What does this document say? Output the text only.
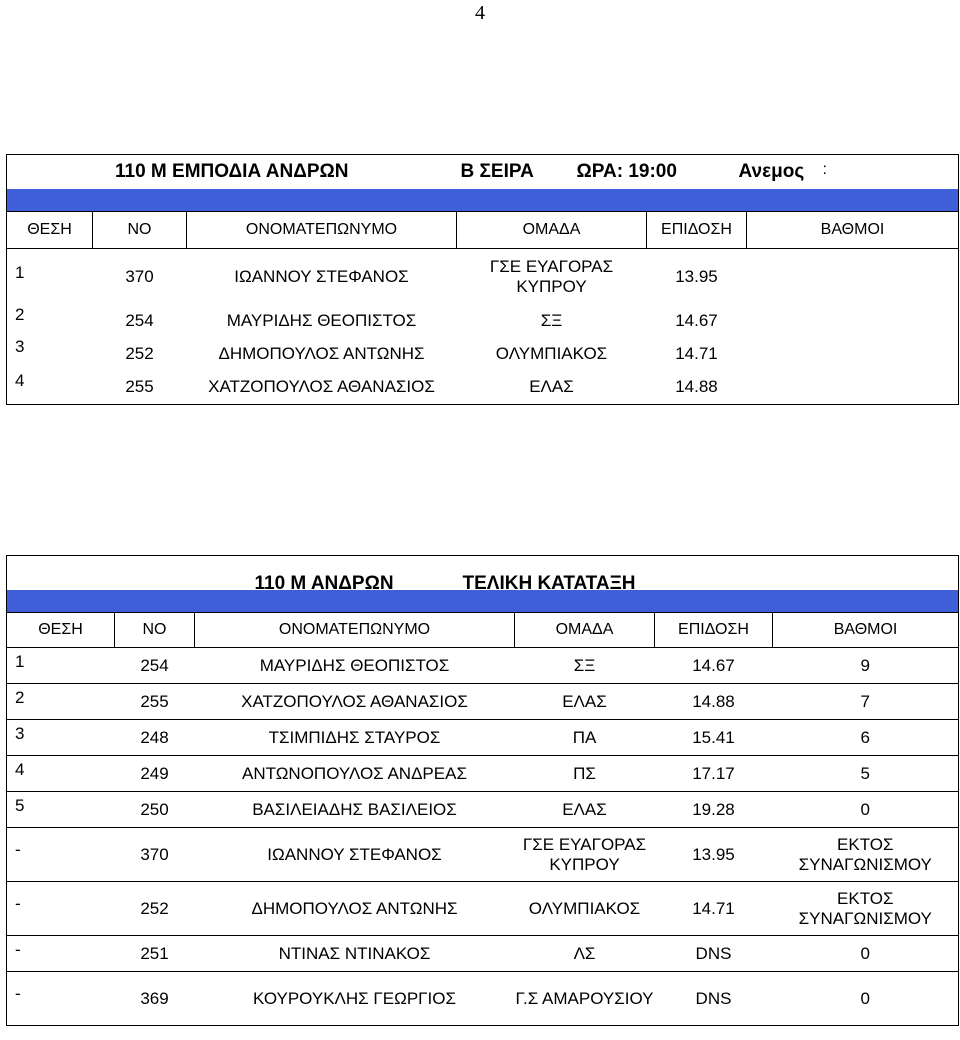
4
110 Μ ΕΜΠΟΔΙΑ ΑΝΔΡΩΝ Β ΣΕΙΡΑ ΩΡΑ: 19:00 Ανεμος :					

ΘΕΣΗ	ΝΟ	ΟΝΟΜΑΤΕΠΩΝΥΜΟ	ΟΜΑΔΑ	ΕΠΙΔΟΣΗ	ΒΑΘΜΟΙ
1	370	ΙΩΑΝΝΟΥ ΣΤΕΦΑΝΟΣ	ΓΣΕ ΕΥΑΓΟΡΑΣ ΚΥΠΡΟΥ	13.95	
2	254	ΜΑΥΡΙΔΗΣ ΘΕΟΠΙΣΤΟΣ	ΣΞ	14.67	
3	252	ΔΗΜΟΠΟΥΛΟΣ ΑΝΤΩΝΗΣ	ΟΛΥΜΠΙΑΚΟΣ	14.71	
4	255	ΧΑΤΖΟΠΟΥΛΟΣ ΑΘΑΝΑΣΙΟΣ	ΕΛΑΣ	14.88	
110 Μ ΑΝΔΡΩΝ ΤΕΛΙΚΗ ΚΑΤΑΤΑΞΗ					

ΘΕΣΗ	ΝΟ	ΟΝΟΜΑΤΕΠΩΝΥΜΟ	ΟΜΑΔΑ	ΕΠΙΔΟΣΗ	ΒΑΘΜΟΙ
1	254	ΜΑΥΡΙΔΗΣ ΘΕΟΠΙΣΤΟΣ	ΣΞ	14.67	9
2	255	ΧΑΤΖΟΠΟΥΛΟΣ ΑΘΑΝΑΣΙΟΣ	ΕΛΑΣ	14.88	7
3	248	ΤΣΙΜΠΙΔΗΣ ΣΤΑΥΡΟΣ	ΠΑ	15.41	6
4	249	ΑΝΤΩΝΟΠΟΥΛΟΣ ΑΝΔΡΕΑΣ	ΠΣ	17.17	5
5	250	ΒΑΣΙΛΕΙΑΔΗΣ ΒΑΣΙΛΕΙΟΣ	ΕΛΑΣ	19.28	0
-	370	ΙΩΑΝΝΟΥ ΣΤΕΦΑΝΟΣ	ΓΣΕ ΕΥΑΓΟΡΑΣ ΚΥΠΡΟΥ	13.95	ΕΚΤΟΣ ΣΥΝΑΓΩΝΙΣΜΟΥ
-	252	ΔΗΜΟΠΟΥΛΟΣ ΑΝΤΩΝΗΣ	ΟΛΥΜΠΙΑΚΟΣ	14.71	ΕΚΤΟΣ ΣΥΝΑΓΩΝΙΣΜΟΥ
-	251	ΝΤΙΝΑΣ ΝΤΙΝΑΚΟΣ	ΛΣ	DNS	0
-	369	ΚΟΥΡΟΥΚΛΗΣ ΓΕΩΡΓΙΟΣ	Γ.Σ ΑΜΑΡΟΥΣΙΟΥ	DNS	0
